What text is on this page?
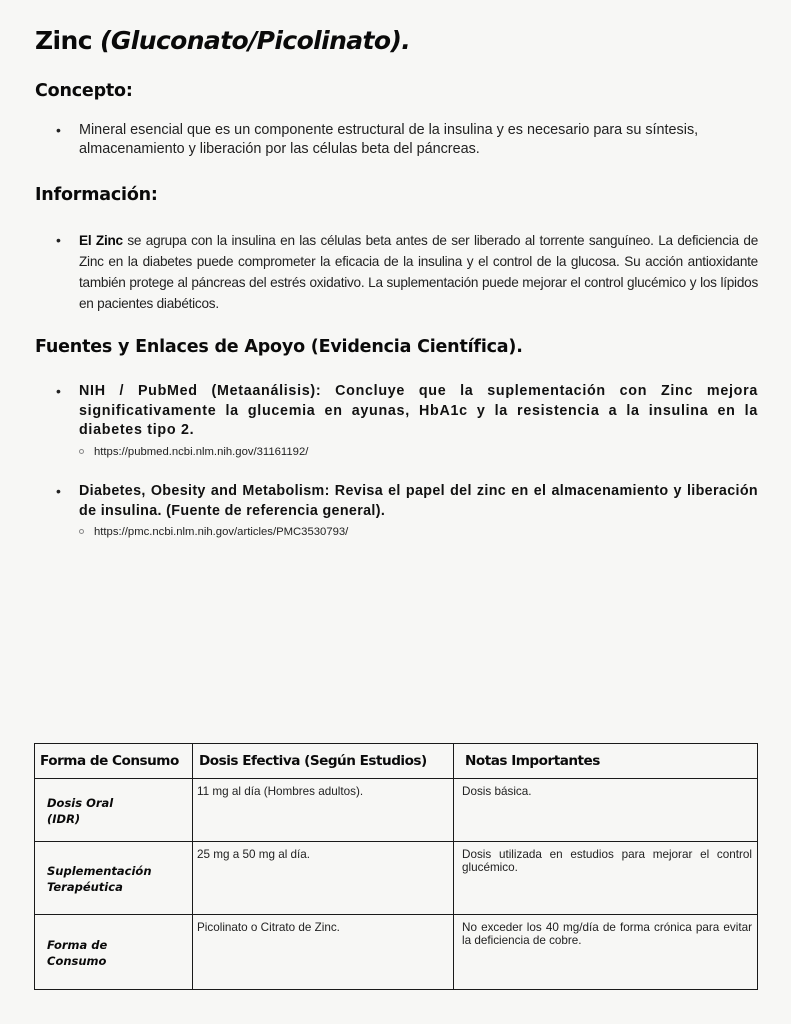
Zinc (Gluconato/Picolinato).
Concepto:
• Mineral esencial que es un componente estructural de la insulina y es necesario para su síntesis, almacenamiento y liberación por las células beta del páncreas.

Información:
• El Zinc se agrupa con la insulina en las células beta antes de ser liberado al torrente sanguíneo. La deficiencia de Zinc en la diabetes puede comprometer la eficacia de la insulina y el control de la glucosa. Su acción antioxidante también protege al páncreas del estrés oxidativo. La suplementación puede mejorar el control glucémico y los lípidos en pacientes diabéticos.

Fuentes y Enlaces de Apoyo (Evidencia Científica).
• NIH / PubMed (Metaanálisis): Concluye que la suplementación con Zinc mejora significativamente la glucemia en ayunas, HbA1c y la resistencia a la insulina en la diabetes tipo 2.

https://pubmed.ncbi.nlm.nih.gov/31161192/
• Diabetes, Obesity and Metabolism: Revisa el papel del zinc en el almacenamiento y liberación de insulina. (Fuente de referencia general).

https://pmc.ncbi.nlm.nih.gov/articles/PMC3530793/
Forma de Consumo	Dosis Efectiva (Según Estudios)	Notas Importantes
Dosis Oral
(IDR)	11 mg al día (Hombres adultos).	Dosis básica.
Suplementación
Terapéutica	25 mg a 50 mg al día.	Dosis utilizada en estudios para mejorar el control glucémico.
Forma de
Consumo	Picolinato o Citrato de Zinc.	No exceder los 40 mg/día de forma crónica para evitar la deficiencia de cobre.
